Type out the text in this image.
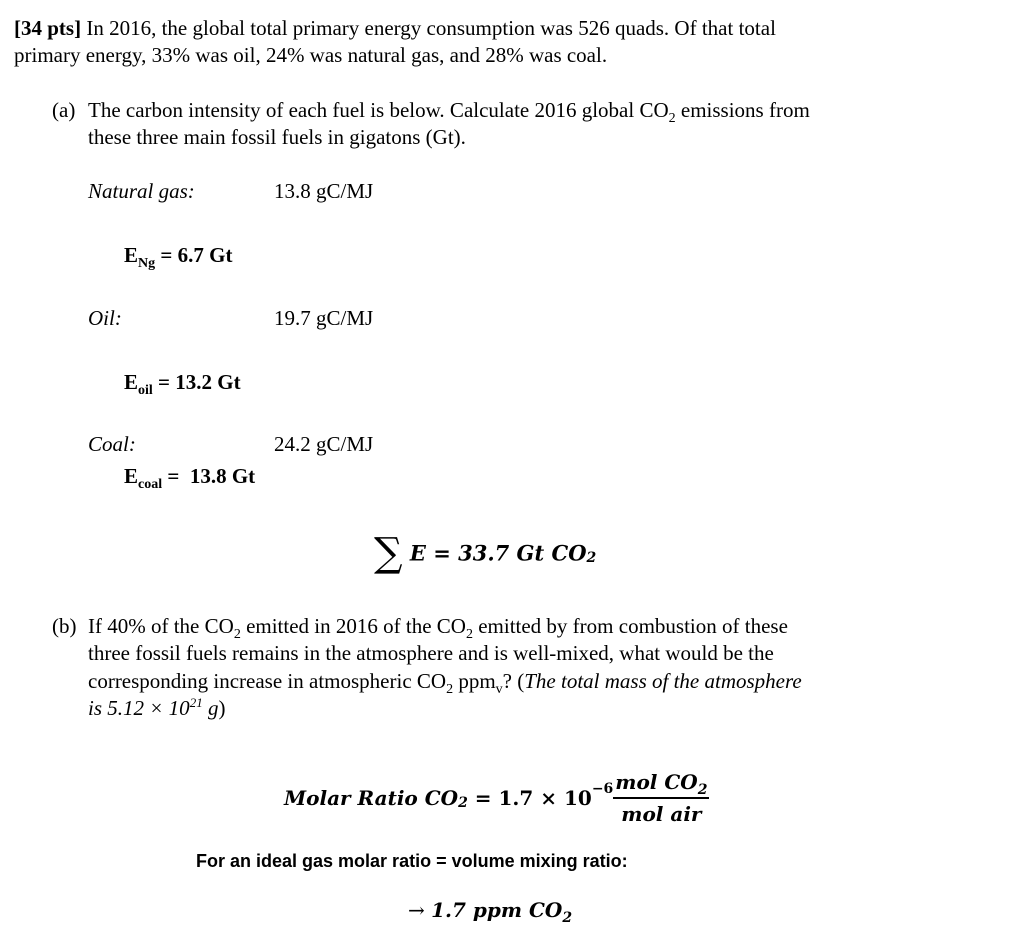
[34 pts] In 2016, the global total primary energy consumption was 526 quads. Of that total
primary energy, 33% was oil, 24% was natural gas, and 28% was coal.
(a) The carbon intensity of each fuel is below. Calculate 2016 global $CO_2$ emissions from
these three main fossil fuels in gigatons (Gt).
Natural gas:	13.8 gC/MJ
$E_{Ng} = 6.7$ Gt
Oil:	19.7 gC/MJ
$E_{oil} = 13.2$ Gt
Coal:	24.2 gC/MJ
$E_{coal} = 13.8$ Gt
∑ E = 33.7 Gt $CO_2$
(b) If 40% of the $CO_2$ emitted in 2016 of the $CO_2$ emitted by from combustion of these
three fossil fuels remains in the atmosphere and is well-mixed, what would be the
corresponding increase in atmospheric $CO_2$ ppm$_v$? (The total mass of the atmosphere
is $5.12 \times 10^{21}$ g)
Molar Ratio $CO_2 = 1.7 \times 10^{-6} \frac{mol CO_2}{\text{mol air}}$
For an ideal gas molar ratio = volume mixing ratio:
→ 1.7 ppm $CO_2$
